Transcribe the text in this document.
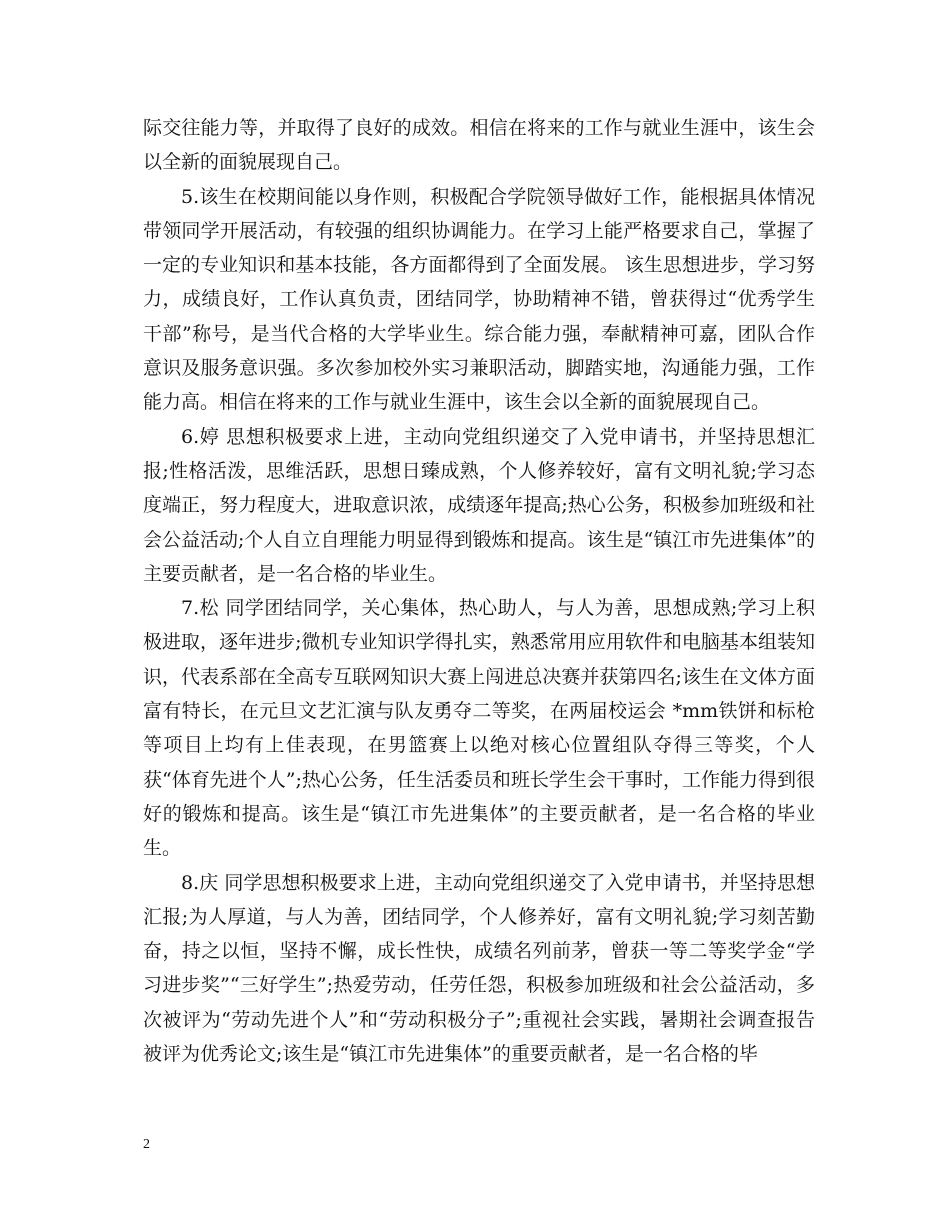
际交往能力等，并取得了良好的成效。相信在将来的工作与就业生涯中，该生会以全新的面貌展现自己。

5.该生在校期间能以身作则，积极配合学院领导做好工作，能根据具体情况带领同学开展活动，有较强的组织协调能力。在学习上能严格要求自己，掌握了一定的专业知识和基本技能，各方面都得到了全面发展。 该生思想进步，学习努力，成绩良好，工作认真负责，团结同学，协助精神不错，曾获得过“优秀学生干部”称号，是当代合格的大学毕业生。综合能力强，奉献精神可嘉，团队合作意识及服务意识强。多次参加校外实习兼职活动，脚踏实地，沟通能力强，工作能力高。相信在将来的工作与就业生涯中，该生会以全新的面貌展现自己。

6.婷 思想积极要求上进，主动向党组织递交了入党申请书，并坚持思想汇报;性格活泼，思维活跃，思想日臻成熟，个人修养较好，富有文明礼貌;学习态度端正，努力程度大，进取意识浓，成绩逐年提高;热心公务，积极参加班级和社会公益活动;个人自立自理能力明显得到锻炼和提高。该生是“镇江市先进集体”的主要贡献者，是一名合格的毕业生。

7.松 同学团结同学，关心集体，热心助人，与人为善，思想成熟;学习上积极进取，逐年进步;微机专业知识学得扎实，熟悉常用应用软件和电脑基本组装知识，代表系部在全高专互联网知识大赛上闯进总决赛并获第四名;该生在文体方面富有特长，在元旦文艺汇演与队友勇夺二等奖，在两届校运会 *mm铁饼和标枪等项目上均有上佳表现，在男篮赛上以绝对核心位置组队夺得三等奖，个人获“体育先进个人”;热心公务，任生活委员和班长学生会干事时，工作能力得到很好的锻炼和提高。该生是“镇江市先进集体”的主要贡献者，是一名合格的毕业生。

8.庆 同学思想积极要求上进，主动向党组织递交了入党申请书，并坚持思想汇报;为人厚道，与人为善，团结同学，个人修养好，富有文明礼貌;学习刻苦勤奋，持之以恒，坚持不懈，成长性快，成绩名列前茅，曾获一等二等奖学金“学习进步奖”“三好学生”;热爱劳动，任劳任怨，积极参加班级和社会公益活动，多次被评为“劳动先进个人”和“劳动积极分子”;重视社会实践，暑期社会调查报告被评为优秀论文;该生是“镇江市先进集体”的重要贡献者，是一名合格的毕

2
